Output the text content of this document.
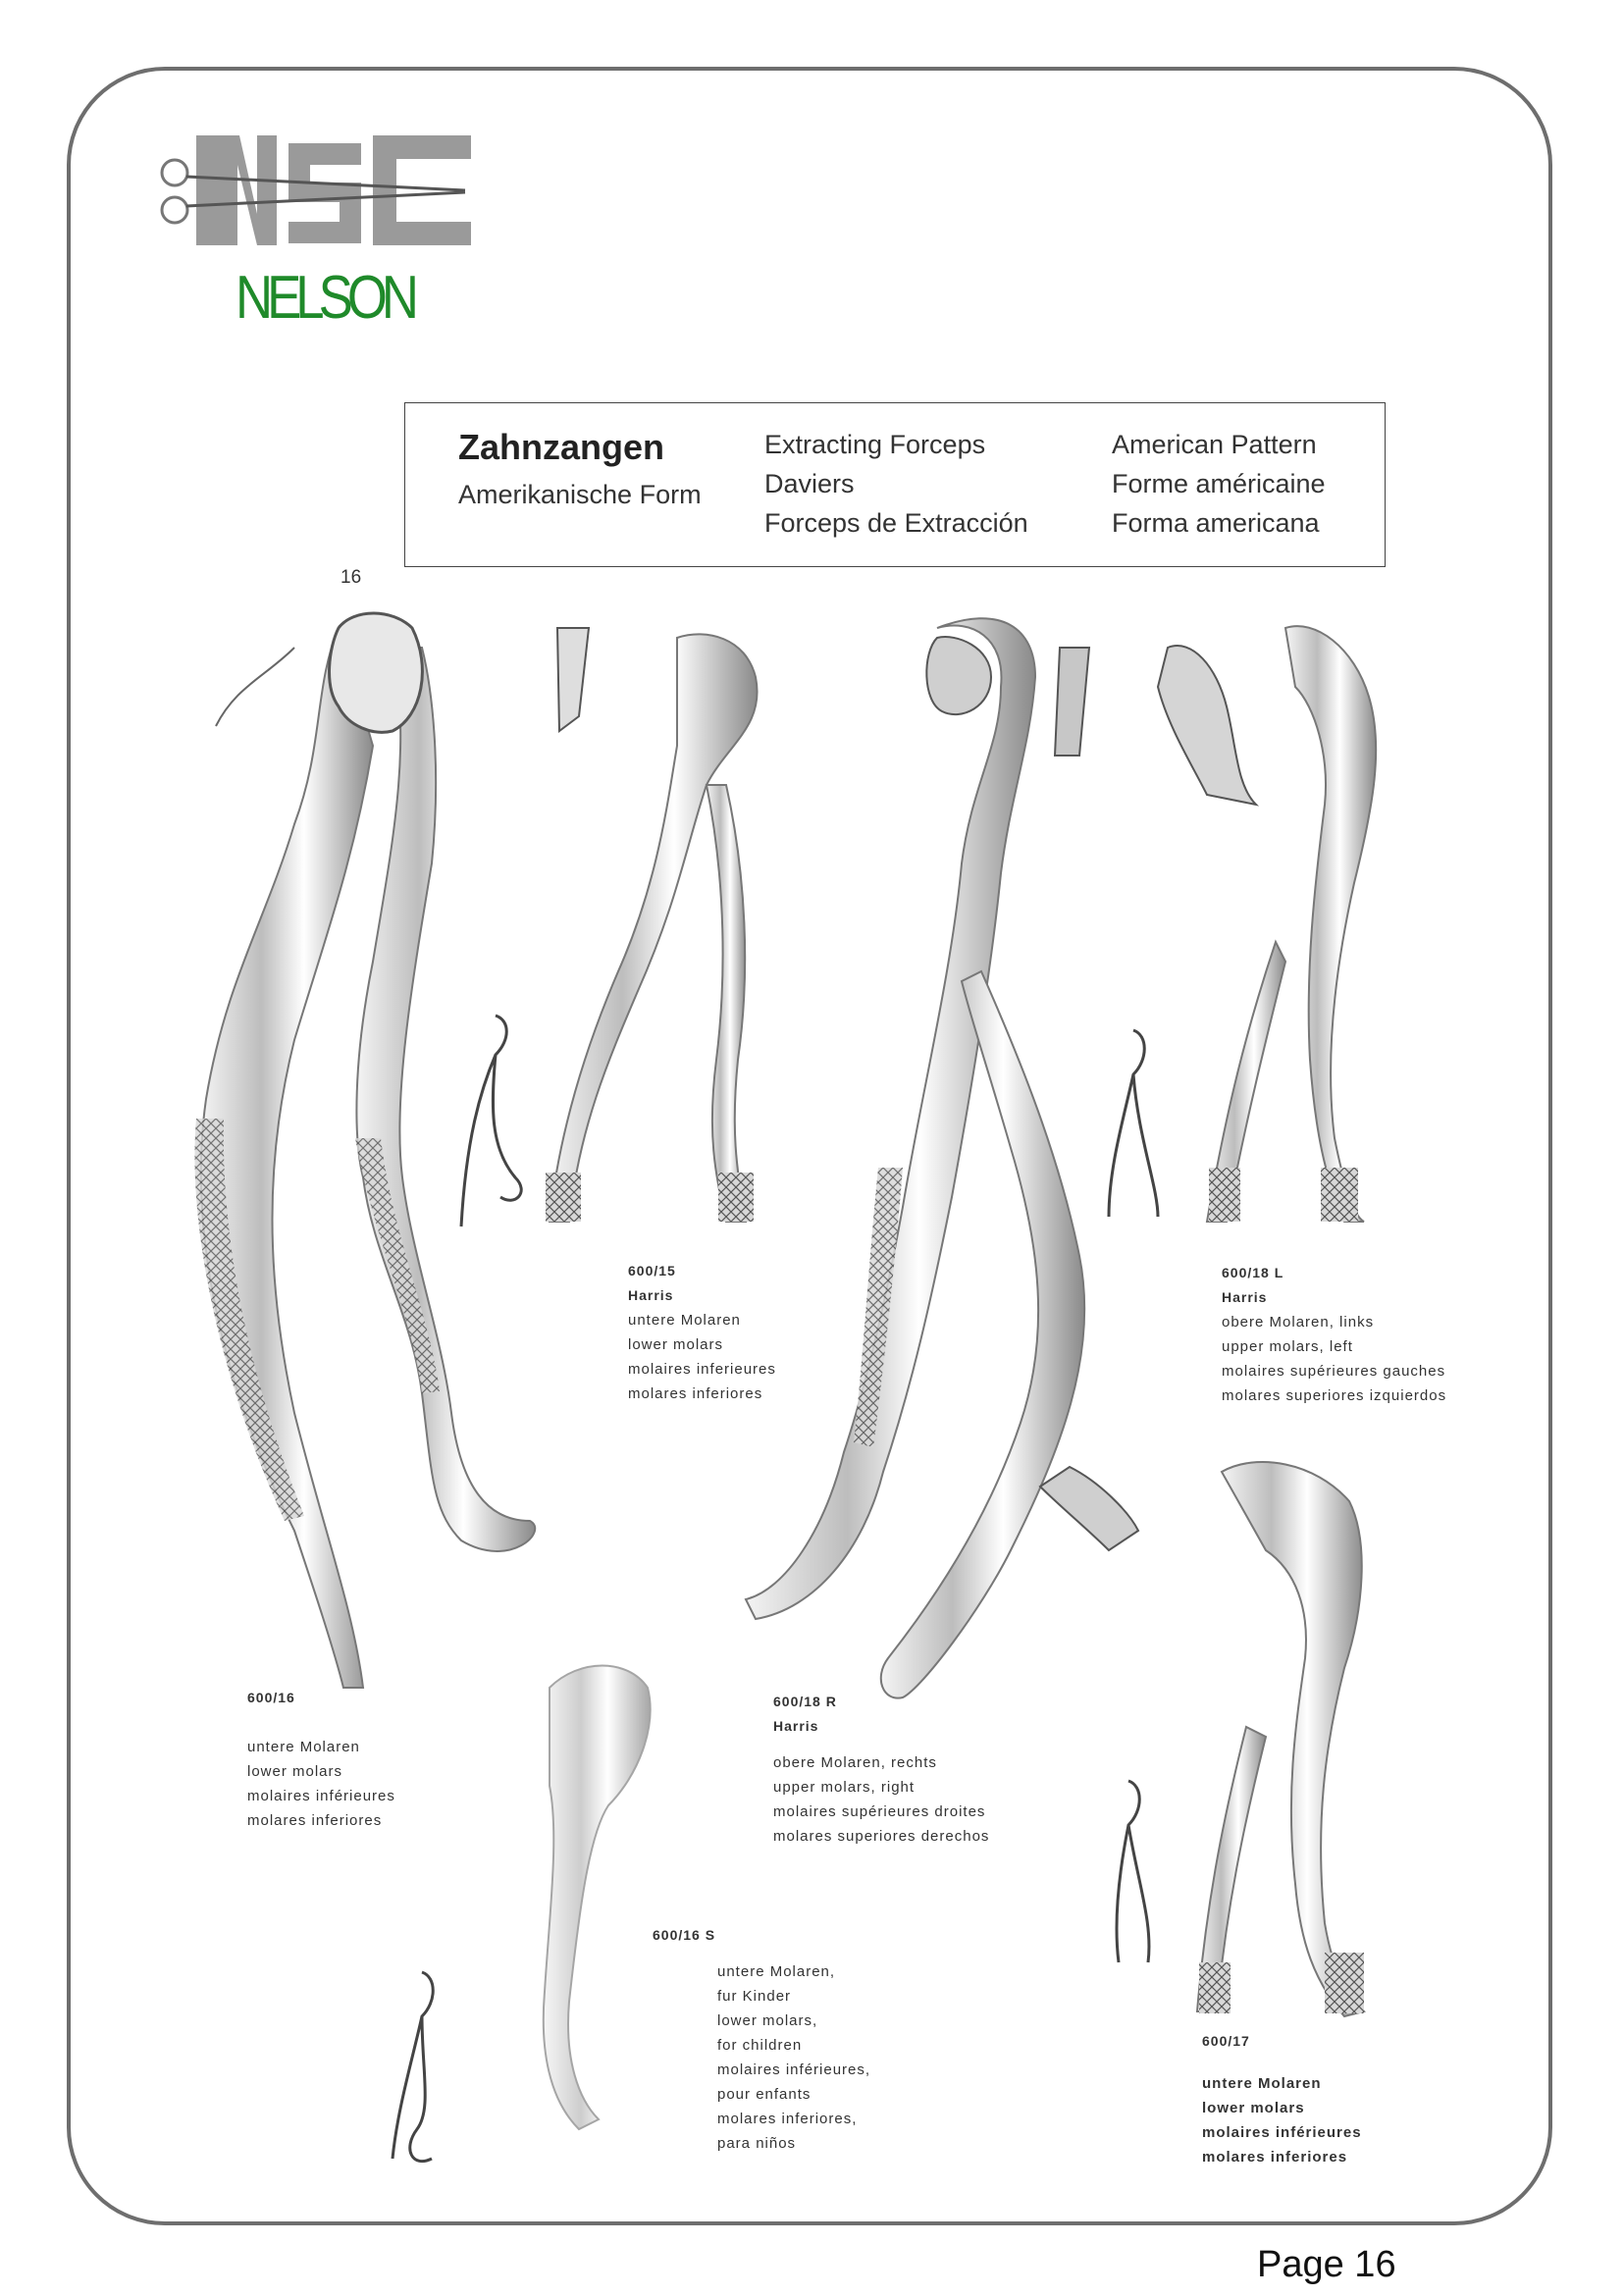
NELSON
Zahnzangen
Amerikanische Form
Extracting Forceps
Daviers
Forceps de Extracción
American Pattern
Forme américaine
Forma americana
16
600/15
Harris
untere Molaren
lower molars
molaires inferieures
molares inferiores
600/18 L
Harris
obere Molaren, links
upper molars, left
molaires supérieures gauches
molares superiores izquierdos
600/16
untere Molaren
lower molars
molaires inférieures
molares inferiores
600/18 R
Harris
obere Molaren, rechts
upper molars, right
molaires supérieures droites
molares superiores derechos
600/16 S
untere Molaren,
fur Kinder
lower molars,
for children
molaires inférieures,
pour enfants
molares inferiores,
para niños
600/17
untere Molaren
lower molars
molaires inférieures
molares inferiores
Page 16
